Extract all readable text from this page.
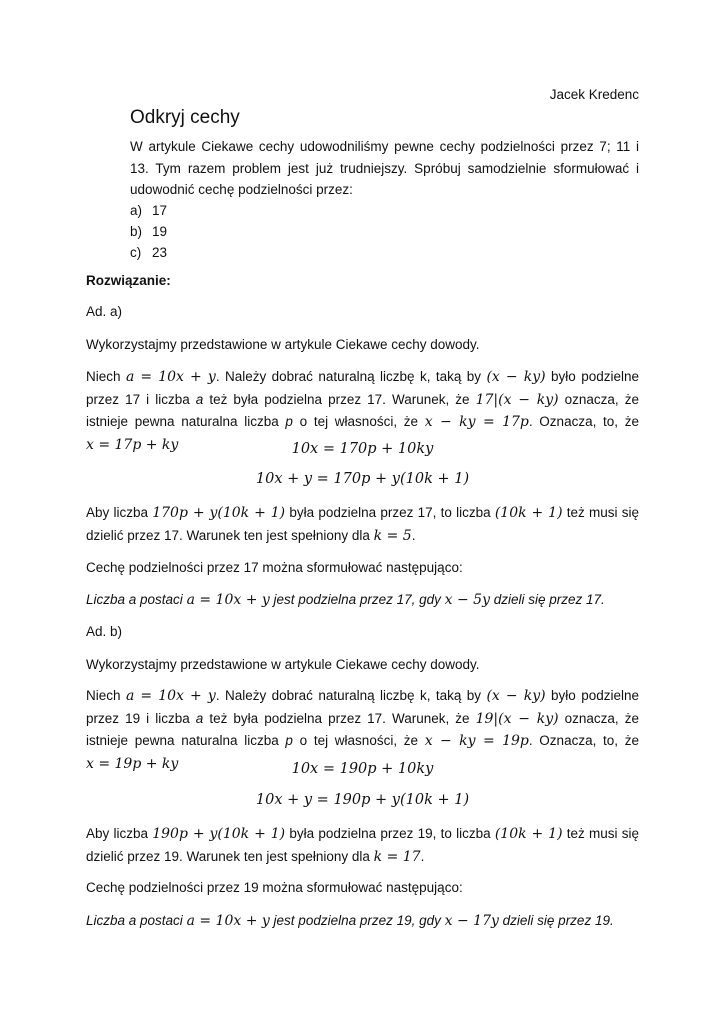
Jacek Kredenc
Odkryj cechy

W artykule Ciekawe cechy udowodniliśmy pewne cechy podzielności przez 7; 11 i 13. Tym razem problem jest już trudniejszy. Spróbuj samodzielnie sformułować i udowodnić cechę podzielności przez:

a) 17
b) 19
c) 23

Rozwiązanie:

Ad. a)

Wykorzystajmy przedstawione w artykule Ciekawe cechy dowody.

Niech a = 10x + y. Należy dobrać naturalną liczbę k, taką by (x − ky) było podzielne przez 17 i liczba a też była podzielna przez 17. Warunek, że 17|(x − ky) oznacza, że istnieje pewna naturalna liczba p o tej własności, że x − ky = 17p. Oznacza, to, że x = 17p + ky	10x = 170p + 10ky
10x + y = 170p + y(10k + 1)

Aby liczba 170p + y(10k + 1) była podzielna przez 17, to liczba (10k + 1) też musi się dzielić przez 17. Warunek ten jest spełniony dla k = 5.

Cechę podzielności przez 17 można sformułować następująco:

Liczba a postaci a = 10x + y jest podzielna przez 17, gdy x − 5y dzieli się przez 17.

Ad. b)

Wykorzystajmy przedstawione w artykule Ciekawe cechy dowody.

Niech a = 10x + y. Należy dobrać naturalną liczbę k, taką by (x − ky) było podzielne przez 19 i liczba a też była podzielna przez 17. Warunek, że 19|(x − ky) oznacza, że istnieje pewna naturalna liczba p o tej własności, że x − ky = 19p. Oznacza, to, że x = 19p + ky	10x = 190p + 10ky
10x + y = 190p + y(10k + 1)

Aby liczba 190p + y(10k + 1) była podzielna przez 19, to liczba (10k + 1) też musi się dzielić przez 19. Warunek ten jest spełniony dla k = 17.

Cechę podzielności przez 19 można sformułować następująco:

Liczba a postaci a = 10x + y jest podzielna przez 19, gdy x − 17y dzieli się przez 19.
